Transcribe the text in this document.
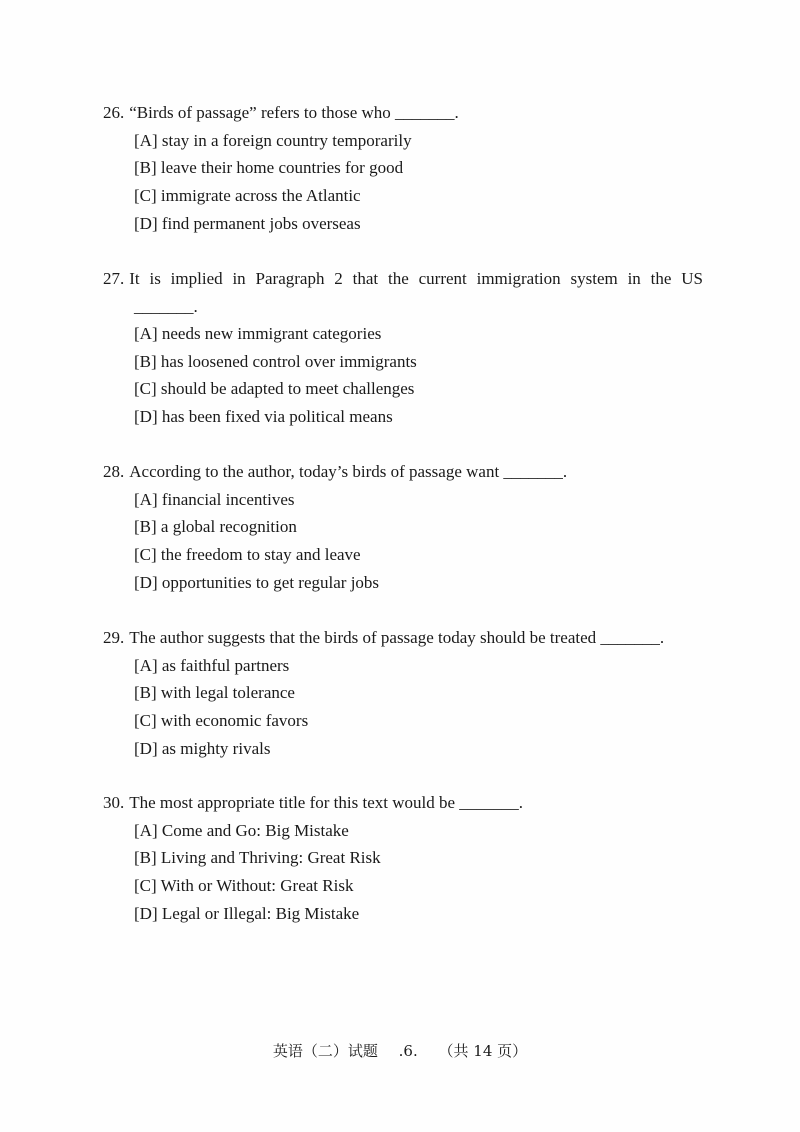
26. “Birds of passage” refers to those who _______.

[A] stay in a foreign country temporarily

[B] leave their home countries for good

[C] immigrate across the Atlantic

[D] find permanent jobs overseas

27. It is implied in Paragraph 2 that the current immigration system in the US

_______.

[A] needs new immigrant categories

[B] has loosened control over immigrants

[C] should be adapted to meet challenges

[D] has been fixed via political means

28. According to the author, today’s birds of passage want _______.

[A] financial incentives

[B] a global recognition

[C] the freedom to stay and leave

[D] opportunities to get regular jobs

29. The author suggests that the birds of passage today should be treated _______.

[A] as faithful partners

[B] with legal tolerance

[C] with economic favors

[D] as mighty rivals

30. The most appropriate title for this text would be _______.

[A] Come and Go: Big Mistake

[B] Living and Thriving: Great Risk

[C] With or Without: Great Risk

[D] Legal or Illegal: Big Mistake

英语（二）试题 .6. （共 14 页）
